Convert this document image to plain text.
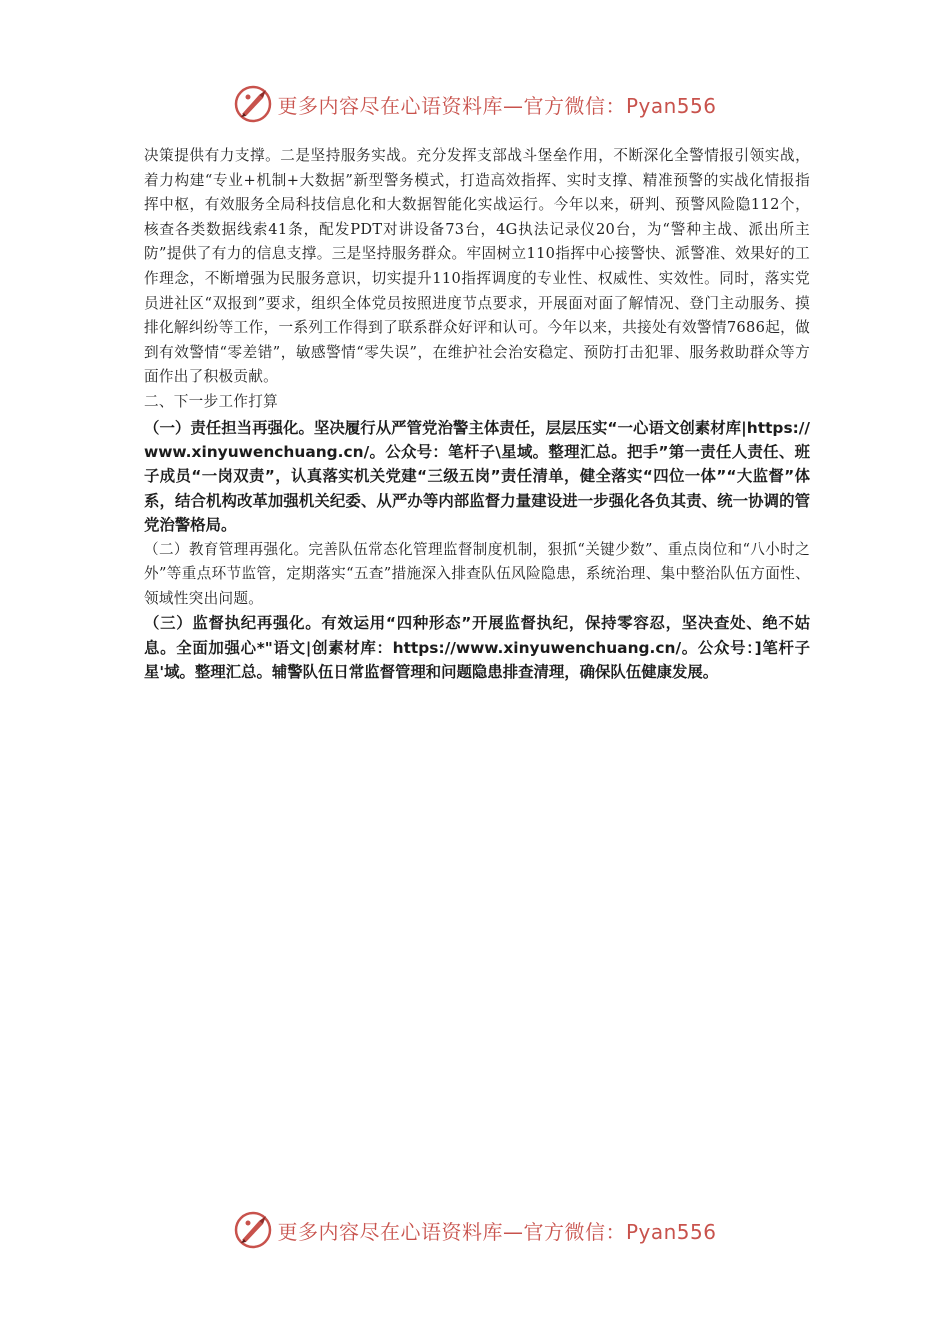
更多内容尽在心语资料库—官方微信：Pyan556

决策提供有力支撑。二是坚持服务实战。充分发挥支部战斗堡垒作用，不断深化全警情报引领实战，着力构建“专业+机制+大数据”新型警务模式，打造高效指挥、实时支撑、精准预警的实战化情报指挥中枢，有效服务全局科技信息化和大数据智能化实战运行。今年以来，研判、预警风险隐112个，核查各类数据线索41条，配发PDT对讲设备73台，4G执法记录仪20台，为“警种主战、派出所主防”提供了有力的信息支撑。三是坚持服务群众。牢固树立110指挥中心接警快、派警准、效果好的工作理念，不断增强为民服务意识，切实提升110指挥调度的专业性、权威性、实效性。同时，落实党员进社区“双报到”要求，组织全体党员按照进度节点要求，开展面对面了解情况、登门主动服务、摸排化解纠纷等工作，一系列工作得到了联系群众好评和认可。今年以来，共接处有效警情7686起，做到有效警情“零差错”，敏感警情“零失误”，在维护社会治安稳定、预防打击犯罪、服务救助群众等方面作出了积极贡献。

二、下一步工作打算

（一）责任担当再强化。坚决履行从严管党治警主体责任，层层压实“一心语文创素材库|https://www.xinyuwenchuang.cn/。公众号：笔杆子\星域。整理汇总。把手”第一责任人责任、班子成员“一岗双责”，认真落实机关党建“三级五岗”责任清单，健全落实“四位一体”“大监督”体系，结合机构改革加强机关纪委、从严办等内部监督力量建设进一步强化各负其责、统一协调的管党治警格局。

（二）教育管理再强化。完善队伍常态化管理监督制度机制，狠抓“关键少数”、重点岗位和“八小时之外”等重点环节监管，定期落实“五查”措施深入排查队伍风险隐患，系统治理、集中整治队伍方面性、领域性突出问题。

（三）监督执纪再强化。有效运用“四种形态”开展监督执纪，保持零容忍，坚决查处、绝不姑息。全面加强心*"语文|创素材库：https://www.xinyuwenchuang.cn/。公众号：]笔杆子星'域。整理汇总。辅警队伍日常监督管理和问题隐患排查清理，确保队伍健康发展。

更多内容尽在心语资料库—官方微信：Pyan556
